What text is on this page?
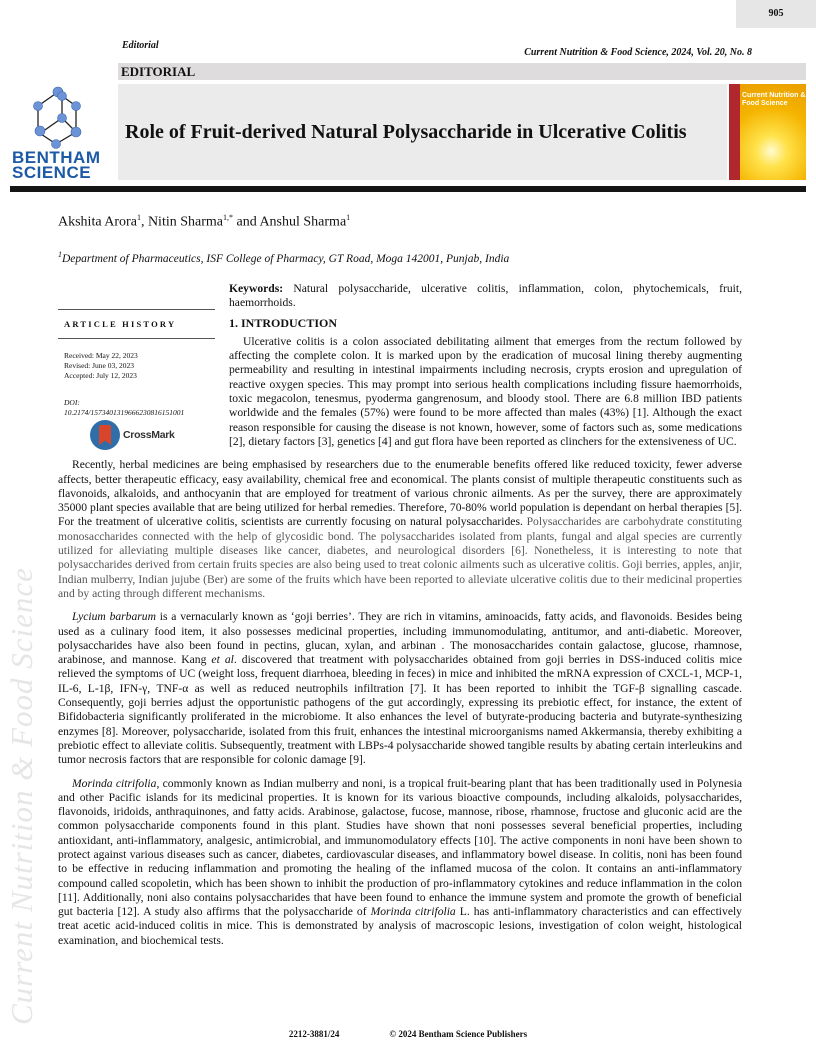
Current Nutrition & Food Science
905
Editorial
Current Nutrition & Food Science, 2024, Vol. 20, No. 8
EDITORIAL
Role of Fruit-derived Natural Polysaccharide in Ulcerative Colitis
Current Nutrition & Food Science
BENTHAM SCIENCE
Akshita Arora$^1$, Nitin Sharma$^{1,*}$ and Anshul Sharma$^1$
$^1$Department of Pharmaceutics, ISF College of Pharmacy, GT Road, Moga 142001, Punjab, India
ARTICLE HISTORY
Received: May 22, 2023
Revised: June 03, 2023
Accepted: July 12, 2023
DOI:
10.2174/1573401319666230816151001
CrossMark

Keywords: Natural polysaccharide, ulcerative colitis, inflammation, colon, phytochemicals, fruit, haemorrhoids.

1. INTRODUCTION

Ulcerative colitis is a colon associated debilitating ailment that emerges from the rectum followed by affecting the complete colon. It is marked upon by the eradication of mucosal lining thereby augmenting permeability and resulting in intestinal impairments including necrosis, crypts erosion and upregulation of reactive oxygen species. This may prompt into serious health complications including fissure haemorrhoids, toxic megacolon, tenesmus, pyoderma gangrenosum, and bloody stool. There are 6.8 million IBD patients worldwide and the females (57%) were found to be more affected than males (43%) [1]. Although the exact reason responsible for causing the disease is not known, however, some of factors such as, some medications [2], dietary factors [3], genetics [4] and gut flora have been reported as clinchers for the extensiveness of UC.

Recently, herbal medicines are being emphasised by researchers due to the enumerable benefits offered like reduced toxicity, fewer adverse affects, better therapeutic efficacy, easy availability, chemical free and economical. The plants consist of multiple therapeutic constituents such as flavonoids, alkaloids, and anthocyanin that are employed for treatment of various chronic ailments. As per the survey, there are approximately 35000 plant species available that are being utilized for herbal remedies. Therefore, 70-80% world population is dependant on herbal therapies [5]. For the treatment of ulcerative colitis, scientists are currently focusing on natural polysaccharides. Polysaccharides are carbohydrate constituting monosaccharides connected with the help of glycosidic bond. The polysaccharides isolated from plants, fungal and algal species are currently utilized for alleviating multiple diseases like cancer, diabetes, and neurological disorders [6]. Nonetheless, it is interesting to note that polysaccharides derived from certain fruits species are also being used to treat colonic ailments such as ulcerative colitis. Goji berries, apples, anjir, Indian mulberry, Indian jujube (Ber) are some of the fruits which have been reported to alleviate ulcerative colitis due to their medicinal properties and by acting through different mechanisms.

Lycium barbarum is a vernacularly known as ‘goji berries’. They are rich in vitamins, aminoacids, fatty acids, and flavonoids. Besides being used as a culinary food item, it also possesses medicinal properties, including immunomodulating, antitumor, and anti-diabetic. Moreover, polysaccharides have also been found in pectins, glucan, xylan, and arbinan . The monosaccharides contain galactose, glucose, rhamnose, arabinose, and mannose. Kang et al. discovered that treatment with polysaccharides obtained from goji berries in DSS-induced colitis mice relieved the symptoms of UC (weight loss, frequent diarrhoea, bleeding in feces) in mice and inhibited the mRNA expression of CXCL-1, MCP-1, IL-6, L-1β, IFN-γ, TNF-α as well as reduced neutrophils infiltration [7]. It has been reported to inhibit the TGF-β signalling cascade. Consequently, goji berries adjust the opportunistic pathogens of the gut accordingly, expressing its prebiotic effect, for instance, the extent of Bifidobacteria significantly proliferated in the microbiome. It also enhances the level of butyrate-producing bacteria and butyrate-synthesizing enzymes [8]. Moreover, polysaccharide, isolated from this fruit, enhances the intestinal microorganisms named Akkermansia, thereby exhibiting a prebiotic effect to alleviate colitis. Subsequently, treatment with LBPs-4 polysaccharide showed tangible results by abating certain interleukins and tumor necrosis factors that are responsible for colonic damage [9].

Morinda citrifolia, commonly known as Indian mulberry and noni, is a tropical fruit-bearing plant that has been traditionally used in Polynesia and other Pacific islands for its medicinal properties. It is known for its various bioactive compounds, including alkaloids, polysaccharides, flavonoids, iridoids, anthraquinones, and fatty acids. Arabinose, galactose, fucose, mannose, ribose, rhamnose, fructose and gluconic acid are the common polysaccharide components found in this plant. Studies have shown that noni possesses several beneficial properties, including antioxidant, anti-inflammatory, analgesic, antimicrobial, and immunomodulatory effects [10]. The active components in noni have been shown to protect against various diseases such as cancer, diabetes, cardiovascular diseases, and inflammatory bowel disease. In colitis, noni has been found to be effective in reducing inflammation and promoting the healing of the inflamed mucosa of the colon. It contains an anti-inflammatory compound called scopoletin, which has been shown to inhibit the production of pro-inflammatory cytokines and reduce inflammation in the colon [11]. Additionally, noni also contains polysaccharides that have been found to enhance the immune system and promote the growth of beneficial gut bacteria [12]. A study also affirms that the polysaccharide of Morinda citrifolia L. has anti-inflammatory characteristics and can effectively treat acetic acid-induced colitis in mice. This is demonstrated by analysis of macroscopic lesions, investigation of colon weight, histological examination, and biochemical tests.

2212-3881/24	© 2024 Bentham Science Publishers
